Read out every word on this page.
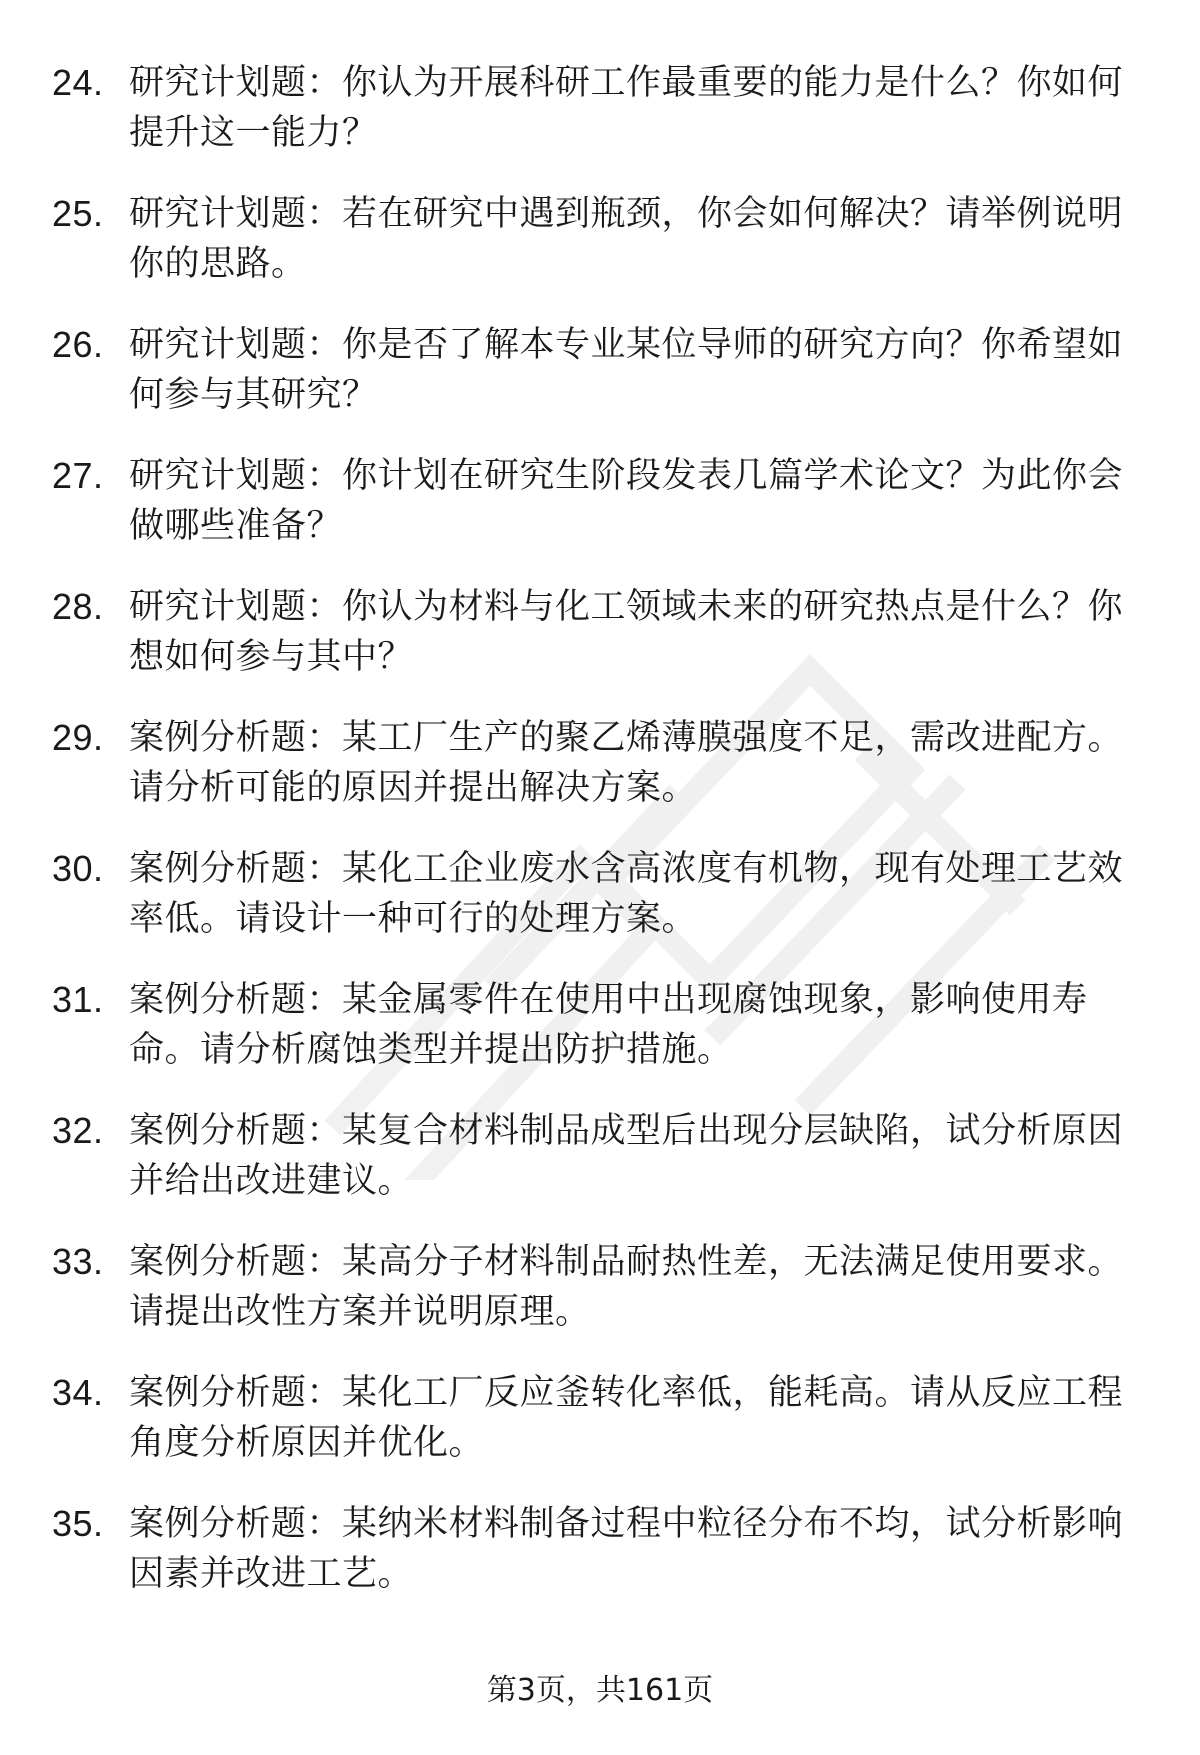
24. 研究计划题：你认为开展科研工作最重要的能力是什么？你如何提升这一能力？
25. 研究计划题：若在研究中遇到瓶颈，你会如何解决？请举例说明你的思路。
26. 研究计划题：你是否了解本专业某位导师的研究方向？你希望如何参与其研究？
27. 研究计划题：你计划在研究生阶段发表几篇学术论文？为此你会做哪些准备？
28. 研究计划题：你认为材料与化工领域未来的研究热点是什么？你想如何参与其中？
29. 案例分析题：某工厂生产的聚乙烯薄膜强度不足，需改进配方。请分析可能的原因并提出解决方案。
30. 案例分析题：某化工企业废水含高浓度有机物，现有处理工艺效率低。请设计一种可行的处理方案。
31. 案例分析题：某金属零件在使用中出现腐蚀现象，影响使用寿命。请分析腐蚀类型并提出防护措施。
32. 案例分析题：某复合材料制品成型后出现分层缺陷，试分析原因并给出改进建议。
33. 案例分析题：某高分子材料制品耐热性差，无法满足使用要求。请提出改性方案并说明原理。
34. 案例分析题：某化工厂反应釜转化率低，能耗高。请从反应工程角度分析原因并优化。
35. 案例分析题：某纳米材料制备过程中粒径分布不均，试分析影响因素并改进工艺。
第3页，共161页
